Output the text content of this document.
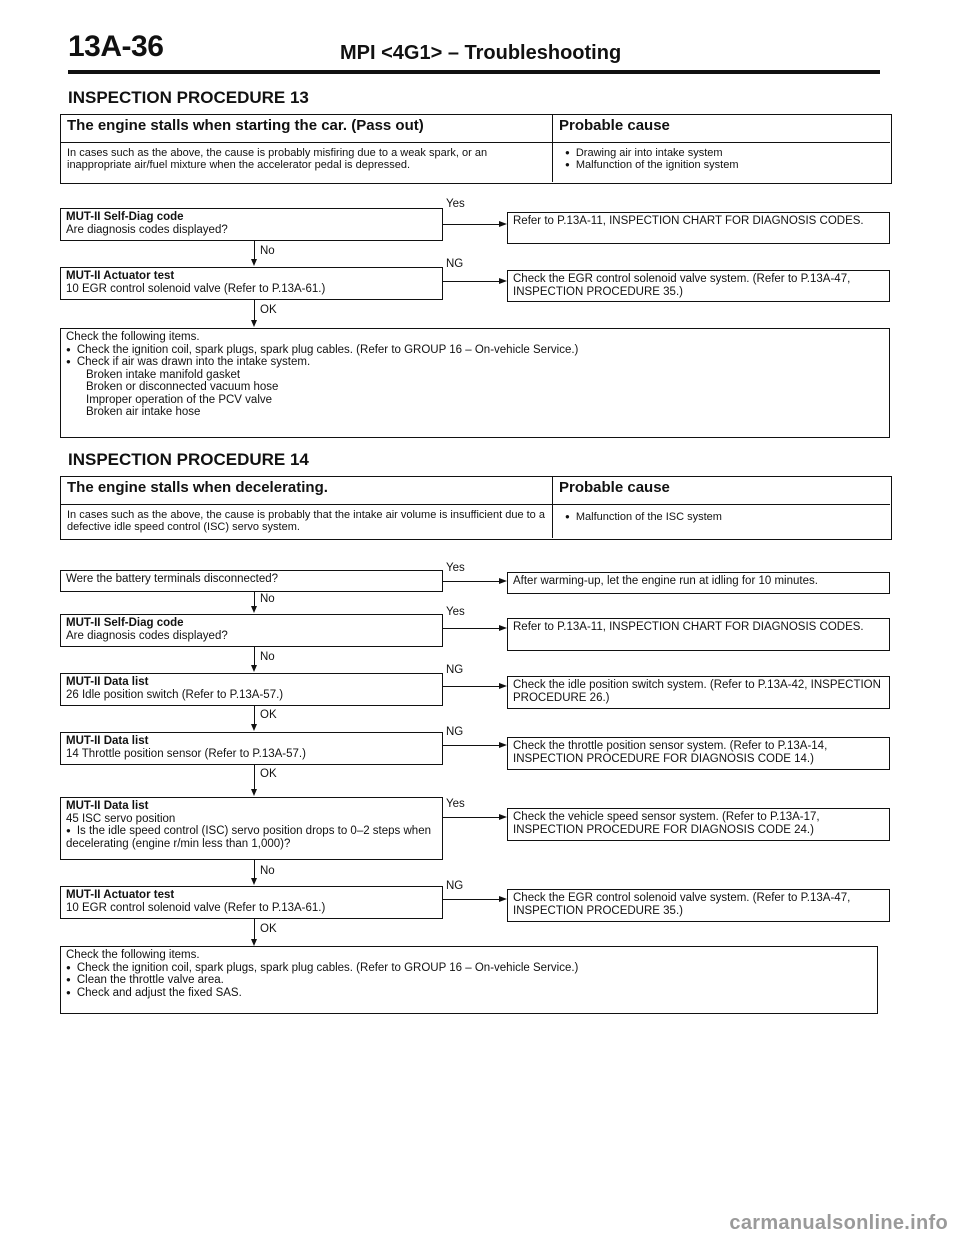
13A-36	MPI <4G1> – Troubleshooting
INSPECTION PROCEDURE 13
The engine stalls when starting the car. (Pass out)	Probable cause
In cases such as the above, the cause is probably misfiring due to a weak spark, or an inappropriate air/fuel mixture when the accelerator pedal is depressed.
● Drawing air into intake system
● Malfunction of the ignition system
MUT-II Self-Diag code
Are diagnosis codes displayed?
Yes
Refer to P.13A-11, INSPECTION CHART FOR DIAGNOSIS CODES.
No
MUT-II Actuator test
10 EGR control solenoid valve (Refer to P.13A-61.)
NG
Check the EGR control solenoid valve system. (Refer to P.13A-47, INSPECTION PROCEDURE 35.)
OK
Check the following items.
● Check the ignition coil, spark plugs, spark plug cables. (Refer to GROUP 16 – On-vehicle Service.)
● Check if air was drawn into the intake system.
Broken intake manifold gasket
Broken or disconnected vacuum hose
Improper operation of the PCV valve
Broken air intake hose
INSPECTION PROCEDURE 14
The engine stalls when decelerating.	Probable cause
In cases such as the above, the cause is probably that the intake air volume is insufficient due to a defective idle speed control (ISC) servo system.
● Malfunction of the ISC system
Were the battery terminals disconnected?
Yes
After warming-up, let the engine run at idling for 10 minutes.
No
MUT-II Self-Diag code
Are diagnosis codes displayed?
Yes
Refer to P.13A-11, INSPECTION CHART FOR DIAGNOSIS CODES.
No
MUT-II Data list
26 Idle position switch (Refer to P.13A-57.)
NG
Check the idle position switch system. (Refer to P.13A-42, INSPECTION PROCEDURE 26.)
OK
MUT-II Data list
14 Throttle position sensor (Refer to P.13A-57.)
NG
Check the throttle position sensor system. (Refer to P.13A-14, INSPECTION PROCEDURE FOR DIAGNOSIS CODE 14.)
OK
MUT-II Data list
45 ISC servo position
● Is the idle speed control (ISC) servo position drops to 0–2 steps when decelerating (engine r/min less than 1,000)?
Yes
Check the vehicle speed sensor system. (Refer to P.13A-17, INSPECTION PROCEDURE FOR DIAGNOSIS CODE 24.)
No
MUT-II Actuator test
10 EGR control solenoid valve (Refer to P.13A-61.)
NG
Check the EGR control solenoid valve system. (Refer to P.13A-47, INSPECTION PROCEDURE 35.)
OK
Check the following items.
● Check the ignition coil, spark plugs, spark plug cables. (Refer to GROUP 16 – On-vehicle Service.)
● Clean the throttle valve area.
● Check and adjust the fixed SAS.
carmanualsonline.info
